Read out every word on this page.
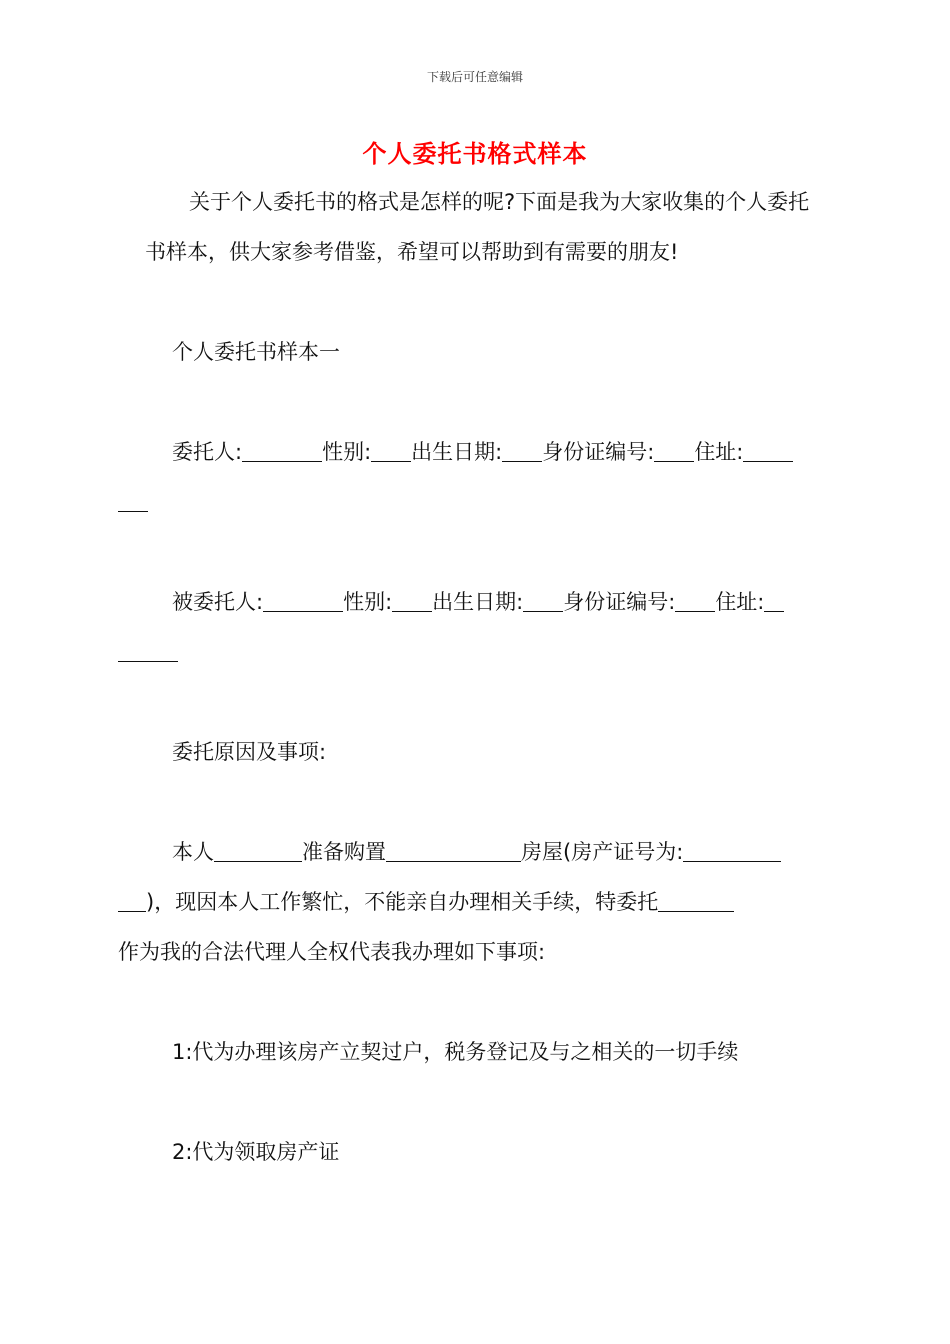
下载后可任意编辑
个人委托书格式样本

关于个人委托书的格式是怎样的呢?下面是我为大家收集的个人委托书样本，供大家参考借鉴，希望可以帮助到有需要的朋友!

个人委托书样本一

委托人:	性别: 出生日期: 身份证编号: 住址:

被委托人:	性别: 出生日期: 身份证编号: 住址:

委托原因及事项:

本人	准备购置	房屋(房产证号为:
)，现因本人工作繁忙，不能亲自办理相关手续，特委托
作为我的合法代理人全权代表我办理如下事项:

1:代为办理该房产立契过户，税务登记及与之相关的一切手续

2:代为领取房产证
